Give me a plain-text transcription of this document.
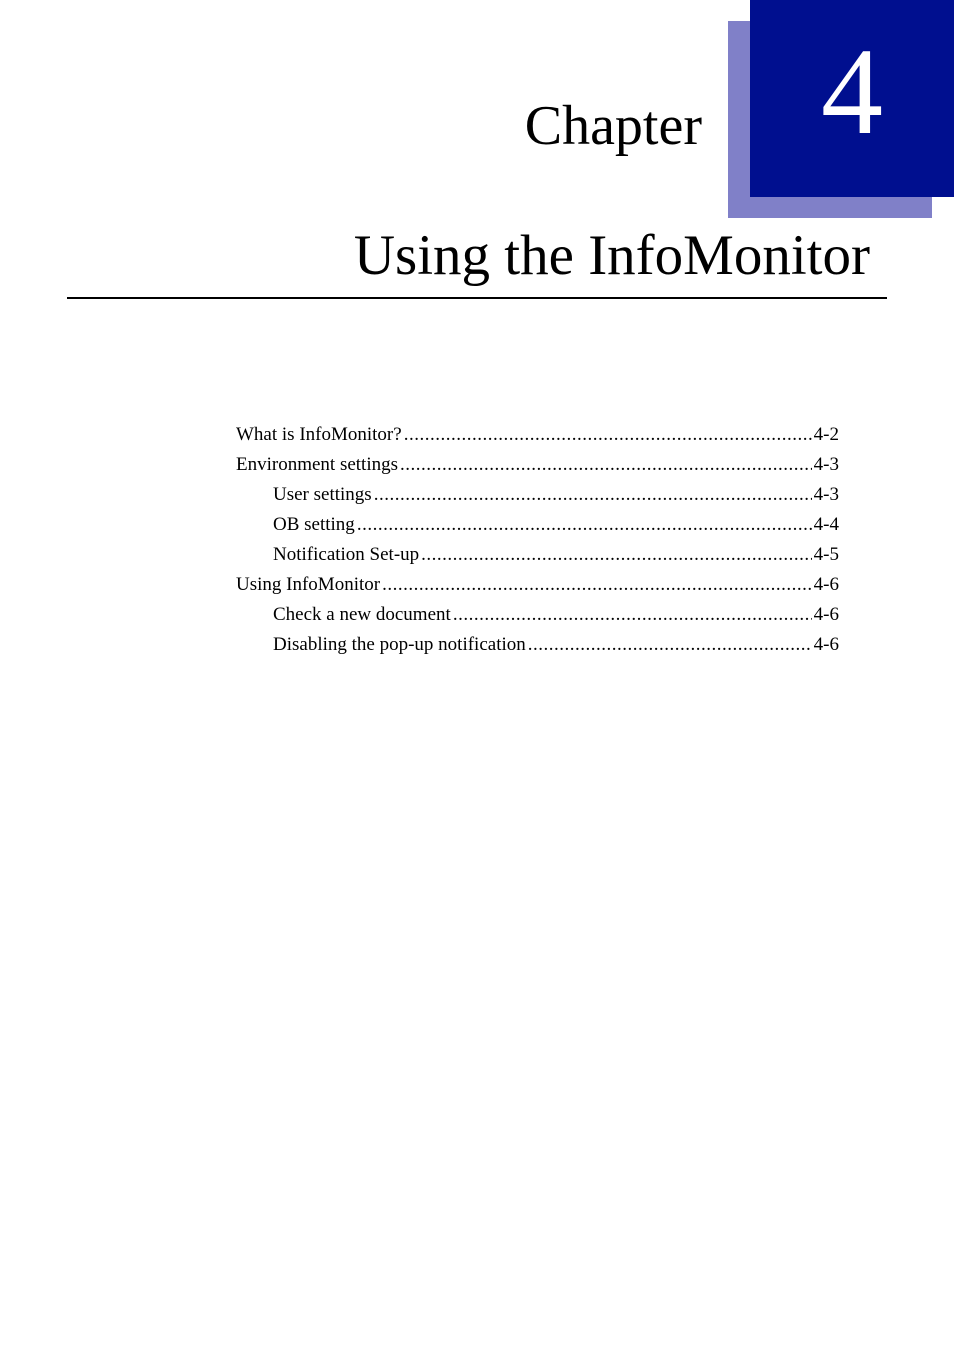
4
Chapter
Using the InfoMonitor
What is InfoMonitor? .....	4-2
Environment settings .....	4-3
User settings .....	4-3
OB setting .....	4-4
Notification Set-up .....	4-5
Using InfoMonitor .....	4-6
Check a new document .....	4-6
Disabling the pop-up notification .....	4-6
